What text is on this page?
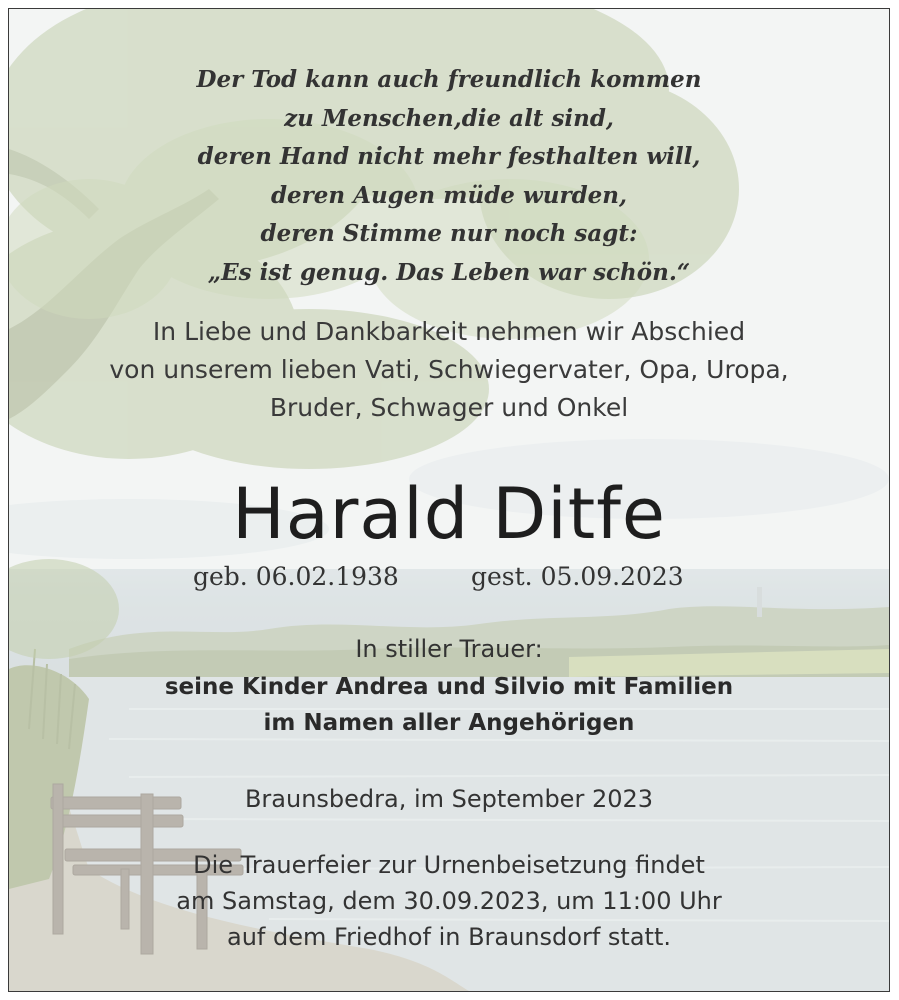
Der Tod kann auch freundlich kommen
zu Menschen,die alt sind,
deren Hand nicht mehr festhalten will,
deren Augen müde wurden,
deren Stimme nur noch sagt:
„Es ist genug. Das Leben war schön.“
In Liebe und Dankbarkeit nehmen wir Abschied
von unserem lieben Vati, Schwiegervater, Opa, Uropa,
Bruder, Schwager und Onkel
Harald Ditfe
geb. 06.02.1938	gest. 05.09.2023
In stiller Trauer:
seine Kinder Andrea und Silvio mit Familien
im Namen aller Angehörigen
Braunsbedra, im September 2023
Die Trauerfeier zur Urnenbeisetzung findet
am Samstag, dem 30.09.2023, um 11:00 Uhr
auf dem Friedhof in Braunsdorf statt.
